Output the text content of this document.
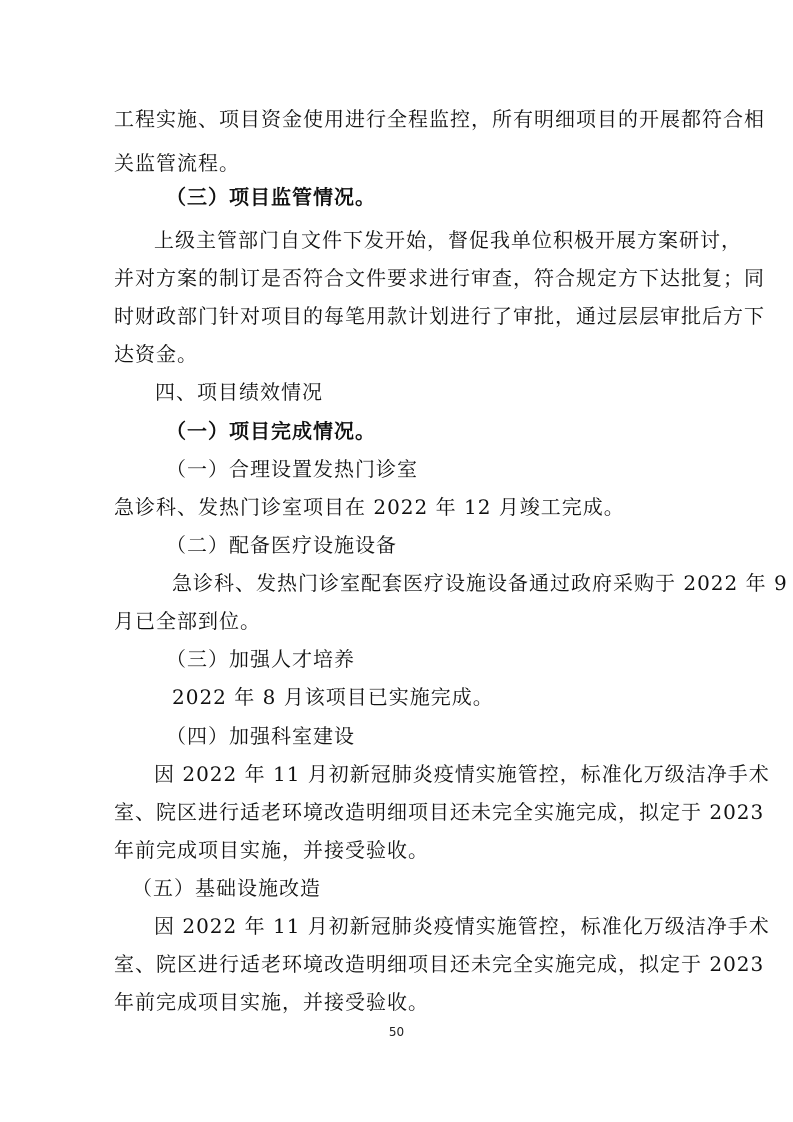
工程实施、项目资金使用进行全程监控，所有明细项目的开展都符合相
关监管流程。
（三）项目监管情况。
上级主管部门自文件下发开始，督促我单位积极开展方案研讨，
并对方案的制订是否符合文件要求进行审查，符合规定方下达批复；同
时财政部门针对项目的每笔用款计划进行了审批，通过层层审批后方下
达资金。
四、项目绩效情况
（一）项目完成情况。
（一）合理设置发热门诊室
急诊科、发热门诊室项目在 2022 年 12 月竣工完成。
（二）配备医疗设施设备
急诊科、发热门诊室配套医疗设施设备通过政府采购于 2022 年 9
月已全部到位。
（三）加强人才培养
2022 年 8 月该项目已实施完成。
（四）加强科室建设
因 2022 年 11 月初新冠肺炎疫情实施管控，标准化万级洁净手术
室、院区进行适老环境改造明细项目还未完全实施完成，拟定于 2023
年前完成项目实施，并接受验收。
（五）基础设施改造
因 2022 年 11 月初新冠肺炎疫情实施管控，标准化万级洁净手术
室、院区进行适老环境改造明细项目还未完全实施完成，拟定于 2023
年前完成项目实施，并接受验收。
50
